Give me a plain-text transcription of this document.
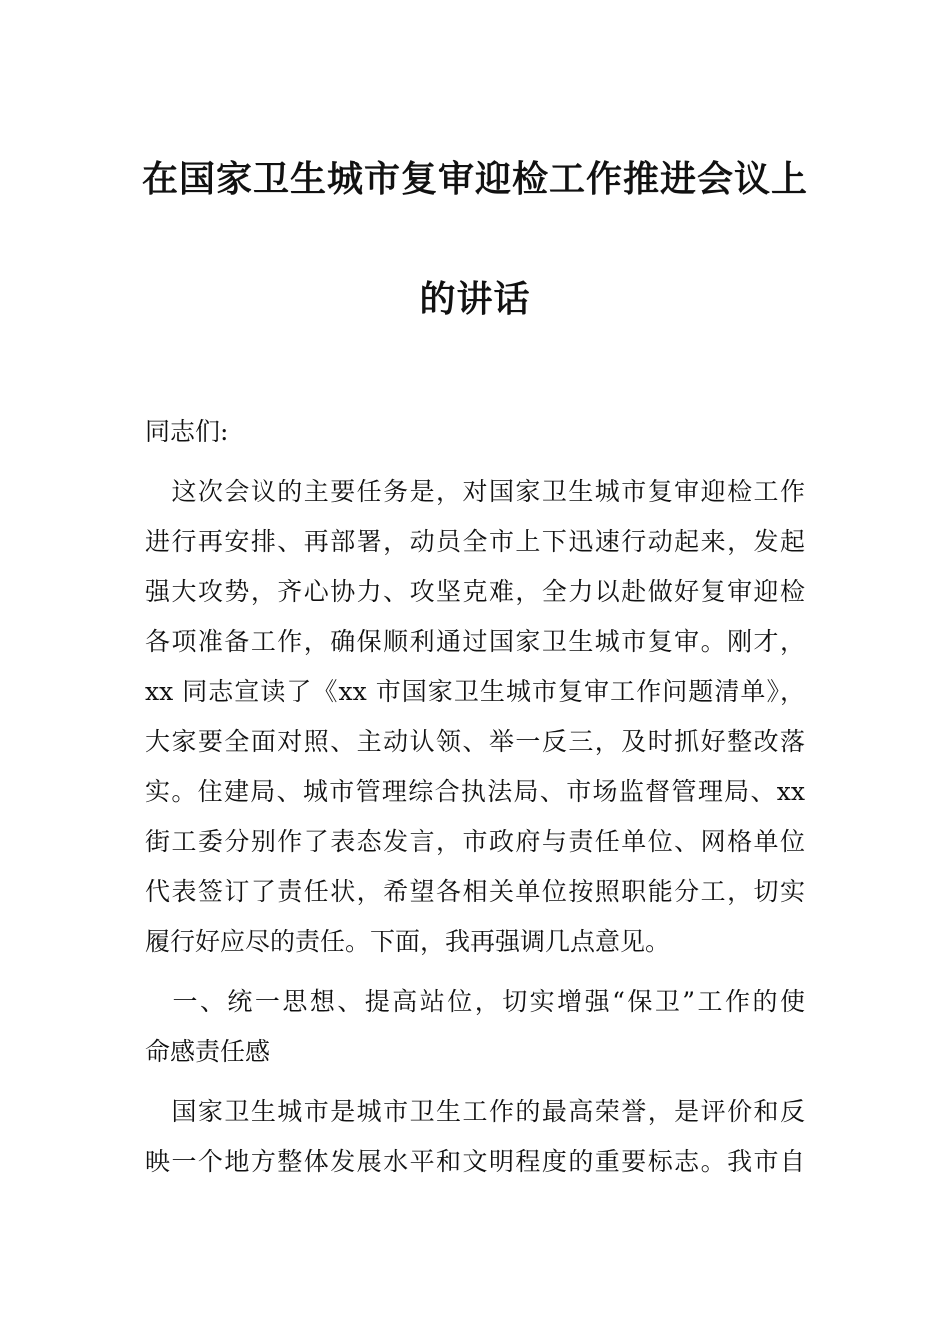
在国家卫生城市复审迎检工作推进会议上
的讲话
同志们:
　这次会议的主要任务是，对国家卫生城市复审迎检工作
进行再安排、再部署，动员全市上下迅速行动起来，发起
强大攻势，齐心协力、攻坚克难，全力以赴做好复审迎检
各项准备工作，确保顺利通过国家卫生城市复审。刚才，
xx 同志宣读了《xx 市国家卫生城市复审工作问题清单》，
大家要全面对照、主动认领、举一反三，及时抓好整改落
实。住建局、城市管理综合执法局、市场监督管理局、xx
街工委分别作了表态发言，市政府与责任单位、网格单位
代表签订了责任状，希望各相关单位按照职能分工，切实
履行好应尽的责任。下面，我再强调几点意见。
　一、统一思想、提高站位，切实增强“保卫”工作的使
命感责任感
　国家卫生城市是城市卫生工作的最高荣誉，是评价和反
映一个地方整体发展水平和文明程度的重要标志。我市自
